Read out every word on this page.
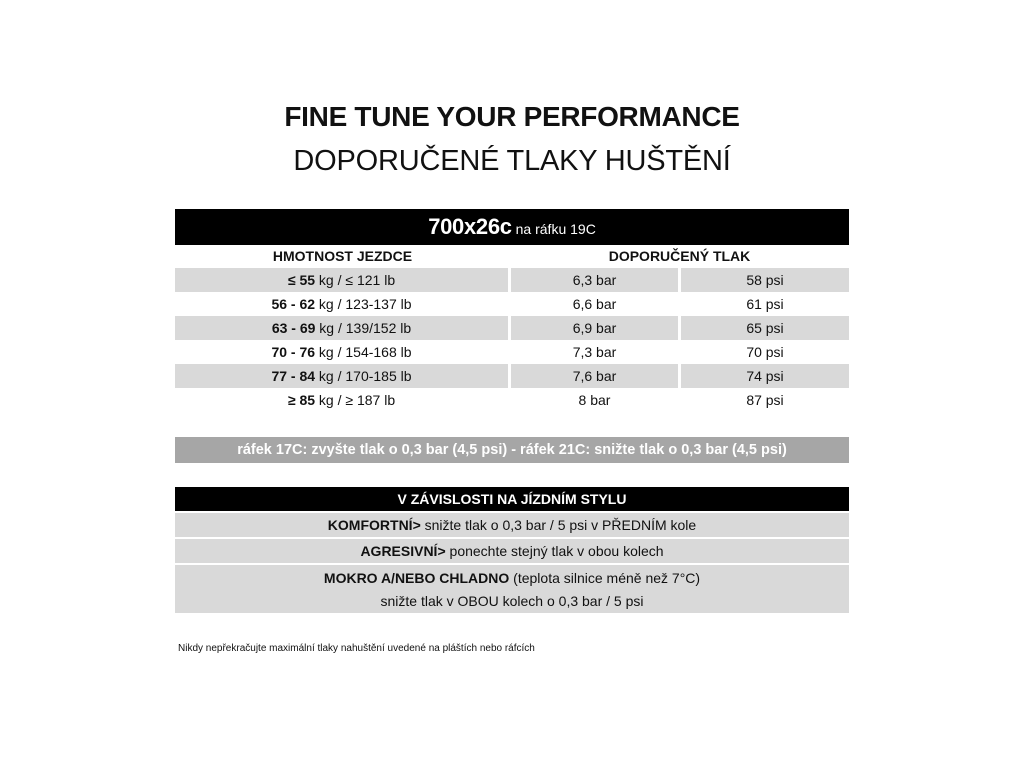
FINE TUNE YOUR PERFORMANCE
DOPORUČENÉ TLAKY HUŠTĚNÍ
700x26c na ráfku 19C
HMOTNOST JEZDCE	DOPORUČENÝ TLAK
≤ 55 kg / ≤ 121 lb	6,3 bar	58 psi
56 - 62 kg / 123-137 lb	6,6 bar	61 psi
63 - 69 kg / 139/152 lb	6,9 bar	65 psi
70 - 76 kg / 154-168 lb	7,3 bar	70 psi
77 - 84 kg / 170-185 lb	7,6 bar	74 psi
≥ 85 kg / ≥ 187 lb	8 bar	87 psi
ráfek 17C: zvyšte tlak o 0,3 bar (4,5 psi) - ráfek 21C: snižte tlak o 0,3 bar (4,5 psi)
V ZÁVISLOSTI NA JÍZDNÍM STYLU
KOMFORTNÍ> snižte tlak o 0,3 bar / 5 psi v PŘEDNÍM kole
AGRESIVNÍ> ponechte stejný tlak v obou kolech
MOKRO A/NEBO CHLADNO (teplota silnice méně než 7°C)
snižte tlak v OBOU kolech o 0,3 bar / 5 psi
Nikdy nepřekračujte maximální tlaky nahuštění uvedené na pláštích nebo ráfcích
